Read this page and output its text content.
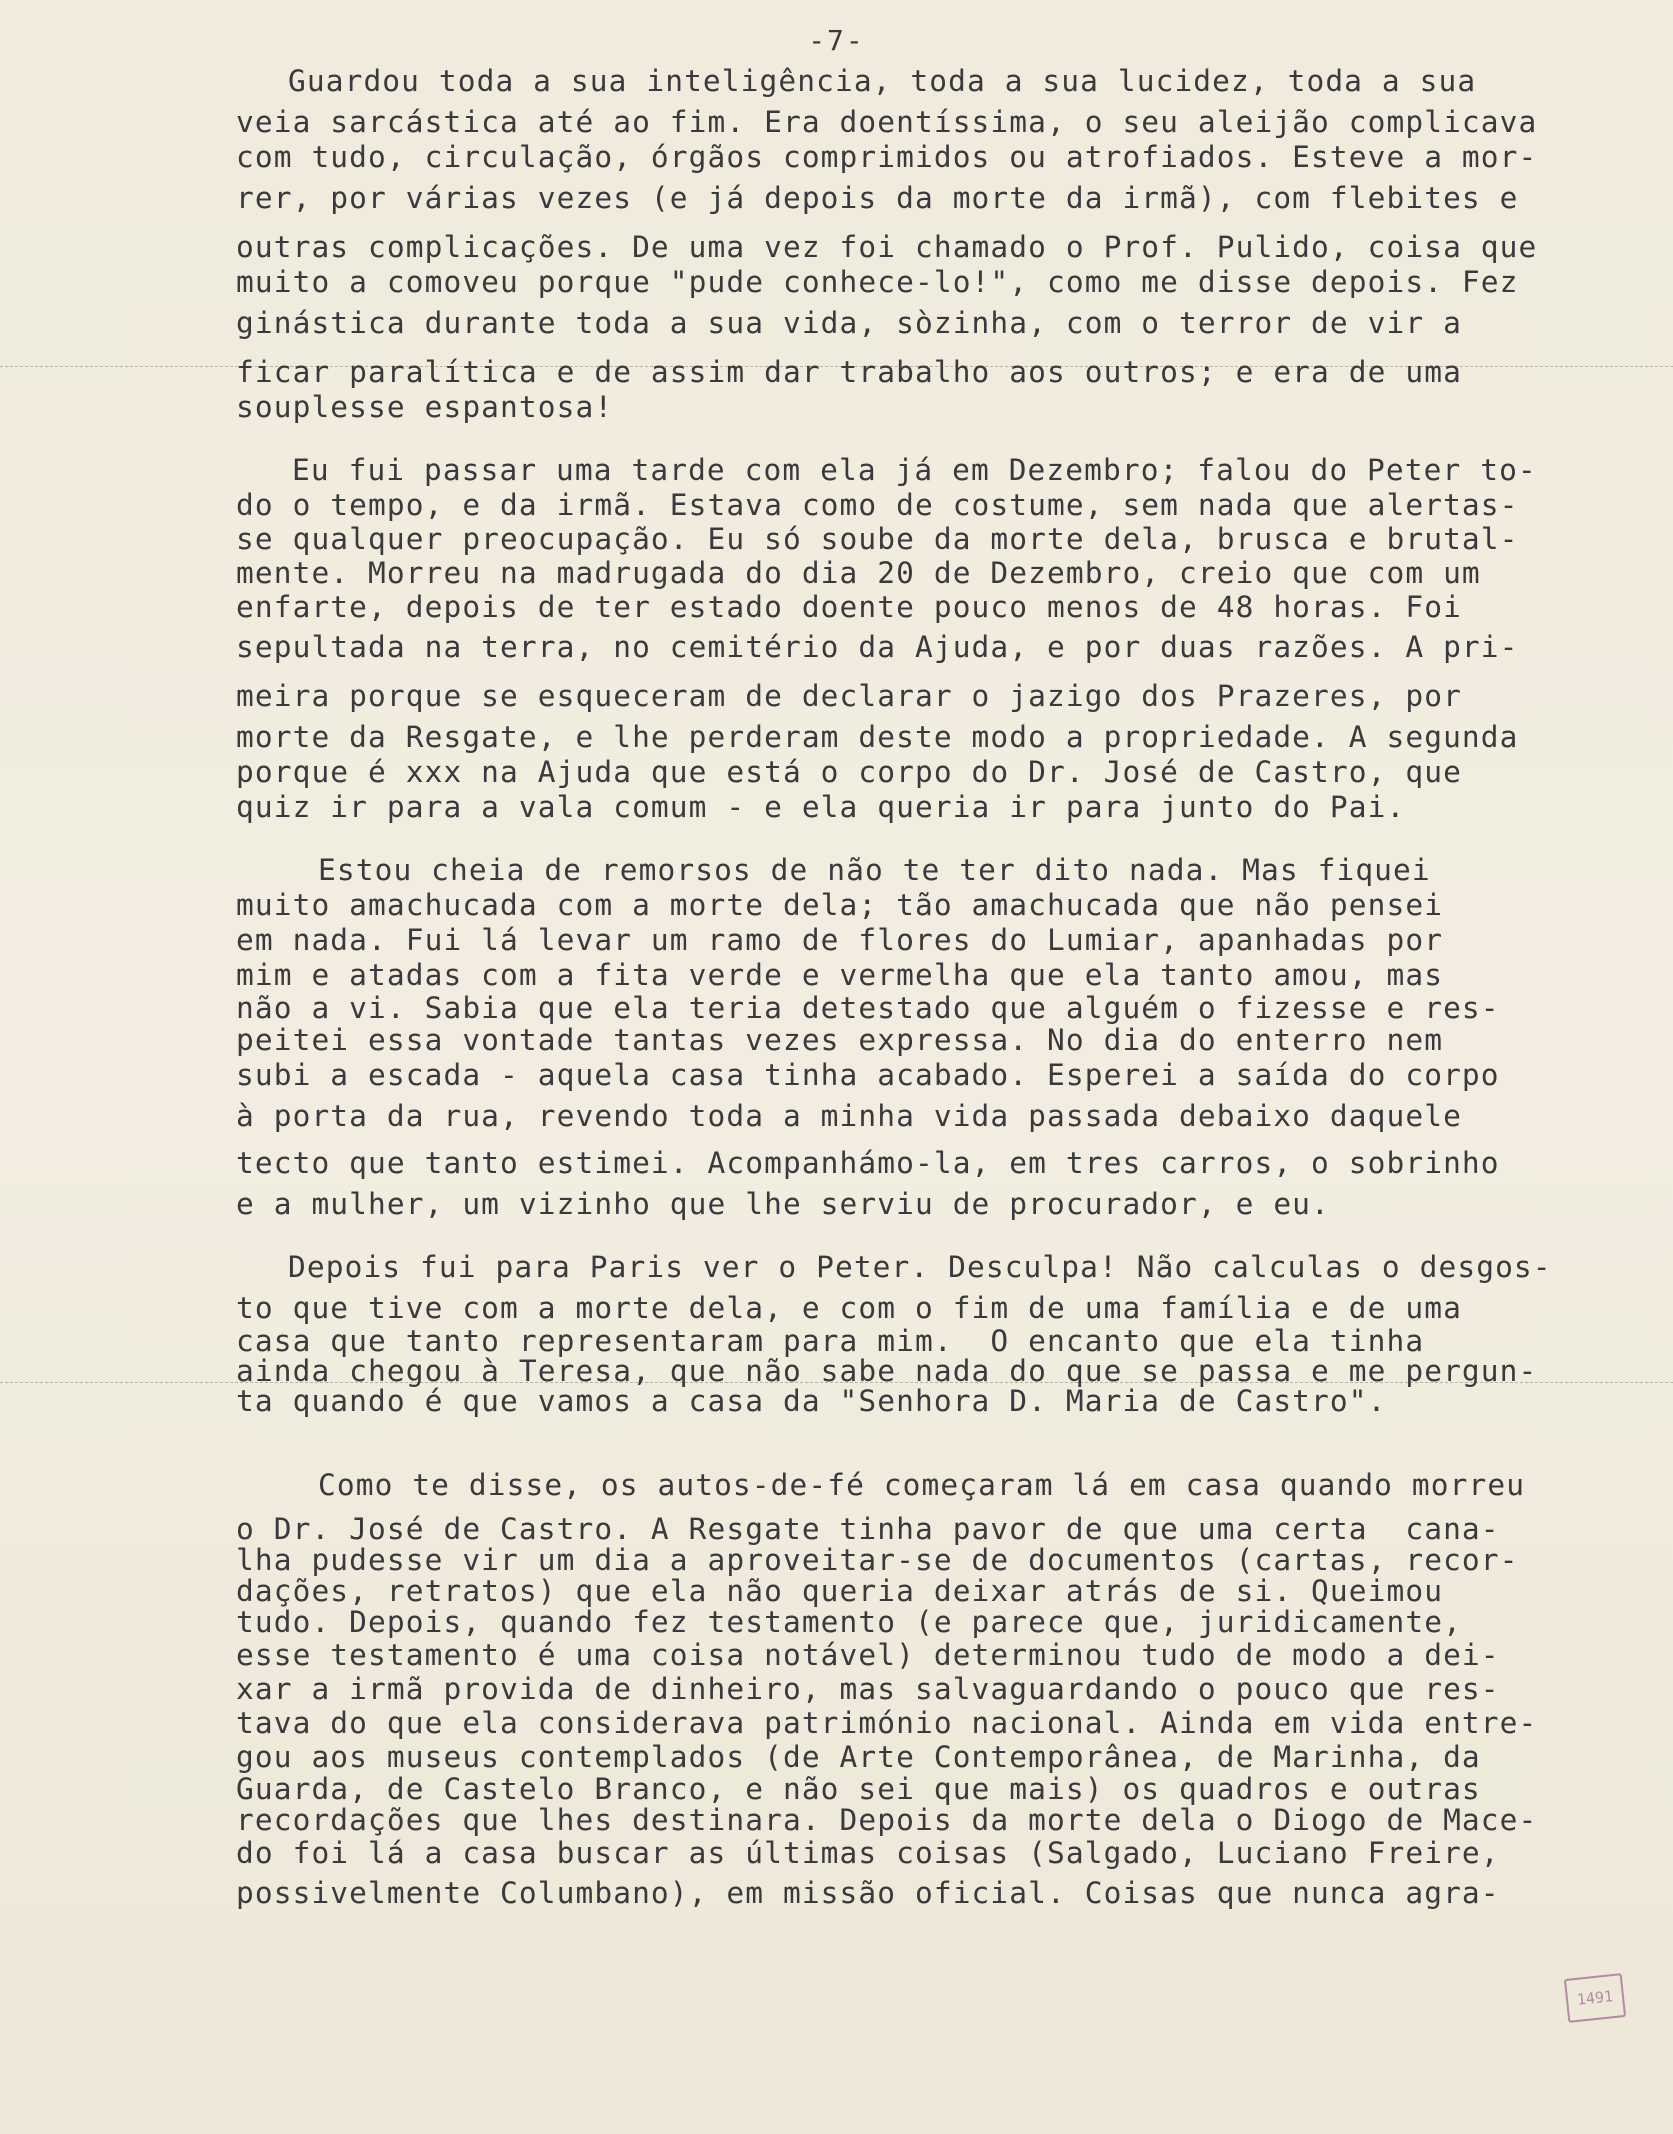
-7-
Guardou toda a sua inteligência, toda a sua lucidez, toda a sua
veia sarcástica até ao fim. Era doentíssima, o seu aleijão complicava
com tudo, circulação, órgãos comprimidos ou atrofiados. Esteve a mor-
rer, por várias vezes (e já depois da morte da irmã), com flebites e
outras complicações. De uma vez foi chamado o Prof. Pulido, coisa que
muito a comoveu porque "pude conhece-lo!", como me disse depois. Fez
ginástica durante toda a sua vida, sòzinha, com o terror de vir a
ficar paralítica e de assim dar trabalho aos outros; e era de uma
souplesse espantosa!
Eu fui passar uma tarde com ela já em Dezembro; falou do Peter to-
do o tempo, e da irmã. Estava como de costume, sem nada que alertas-
se qualquer preocupação. Eu só soube da morte dela, brusca e brutal-
mente. Morreu na madrugada do dia 20 de Dezembro, creio que com um
enfarte, depois de ter estado doente pouco menos de 48 horas. Foi
sepultada na terra, no cemitério da Ajuda, e por duas razões. A pri-
meira porque se esqueceram de declarar o jazigo dos Prazeres, por
morte da Resgate, e lhe perderam deste modo a propriedade. A segunda
porque é xxx na Ajuda que está o corpo do Dr. José de Castro, que
quiz ir para a vala comum - e ela queria ir para junto do Pai.
Estou cheia de remorsos de não te ter dito nada. Mas fiquei
muito amachucada com a morte dela; tão amachucada que não pensei
em nada. Fui lá levar um ramo de flores do Lumiar, apanhadas por
mim e atadas com a fita verde e vermelha que ela tanto amou, mas
não a vi. Sabia que ela teria detestado que alguém o fizesse e res-
peitei essa vontade tantas vezes expressa. No dia do enterro nem
subi a escada - aquela casa tinha acabado. Esperei a saída do corpo
à porta da rua, revendo toda a minha vida passada debaixo daquele
tecto que tanto estimei. Acompanhámo-la, em tres carros, o sobrinho
e a mulher, um vizinho que lhe serviu de procurador, e eu.
Depois fui para Paris ver o Peter. Desculpa! Não calculas o desgos-
to que tive com a morte dela, e com o fim de uma família e de uma
casa que tanto representaram para mim.  O encanto que ela tinha
ainda chegou à Teresa, que não sabe nada do que se passa e me pergun-
ta quando é que vamos a casa da "Senhora D. Maria de Castro".
Como te disse, os autos-de-fé começaram lá em casa quando morreu
o Dr. José de Castro. A Resgate tinha pavor de que uma certa  cana-
lha pudesse vir um dia a aproveitar-se de documentos (cartas, recor-
dações, retratos) que ela não queria deixar atrás de si. Queimou
tudo. Depois, quando fez testamento (e parece que, juridicamente,
esse testamento é uma coisa notável) determinou tudo de modo a dei-
xar a irmã provida de dinheiro, mas salvaguardando o pouco que res-
tava do que ela considerava património nacional. Ainda em vida entre-
gou aos museus contemplados (de Arte Contemporânea, de Marinha, da
Guarda, de Castelo Branco, e não sei que mais) os quadros e outras
recordações que lhes destinara. Depois da morte dela o Diogo de Mace-
do foi lá a casa buscar as últimas coisas (Salgado, Luciano Freire,
possivelmente Columbano), em missão oficial. Coisas que nunca agra-
1491
